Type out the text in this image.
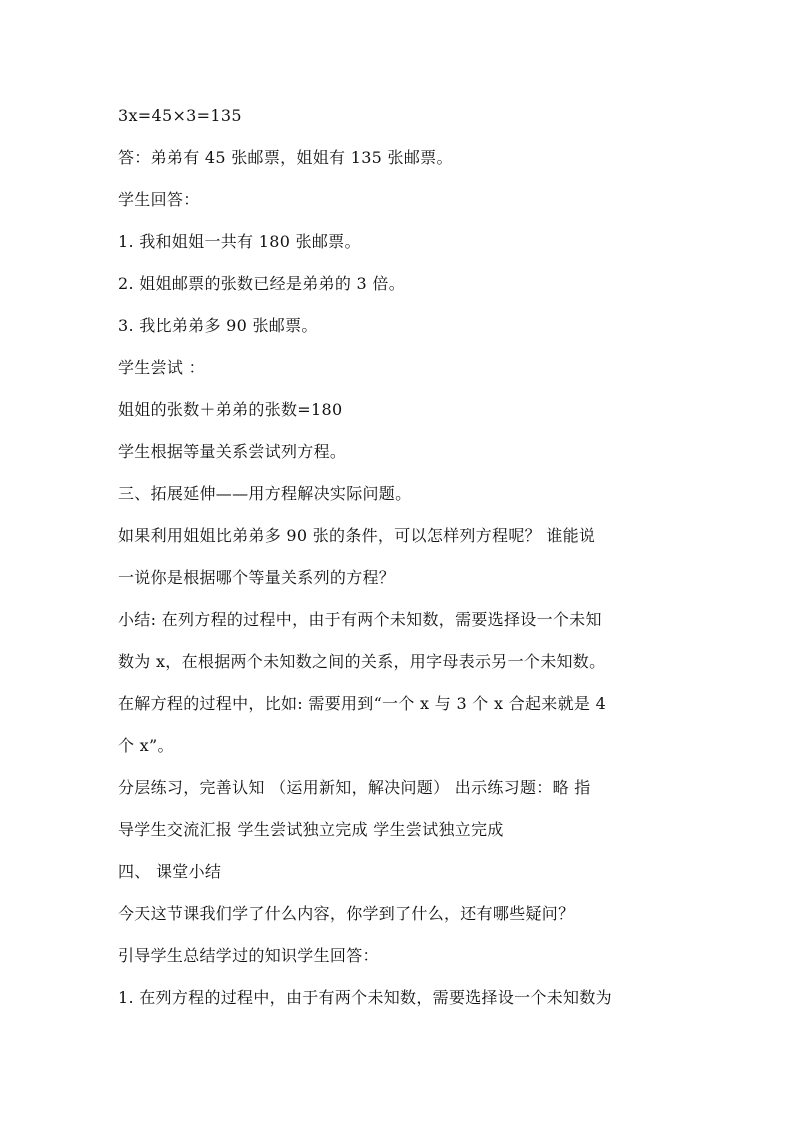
3x=45×3=135
答：弟弟有 45 张邮票，姐姐有 135 张邮票。
学生回答：
1. 我和姐姐一共有 180 张邮票。
2. 姐姐邮票的张数已经是弟弟的 3 倍。
3. 我比弟弟多 90 张邮票。
学生尝试 ：
姐姐的张数＋弟弟的张数=180
学生根据等量关系尝试列方程。
三、拓展延伸——用方程解决实际问题。
如果利用姐姐比弟弟多 90 张的条件，可以怎样列方程呢？ 谁能说
一说你是根据哪个等量关系列的方程？
小结: 在列方程的过程中，由于有两个未知数，需要选择设一个未知
数为 x，在根据两个未知数之间的关系，用字母表示另一个未知数。
在解方程的过程中，比如: 需要用到“一个 x 与 3 个 x 合起来就是 4
个 x”。
分层练习，完善认知 （运用新知，解决问题） 出示练习题：略 指
导学生交流汇报 学生尝试独立完成 学生尝试独立完成
四、 课堂小结
今天这节课我们学了什么内容，你学到了什么，还有哪些疑问？
引导学生总结学过的知识学生回答：
1. 在列方程的过程中，由于有两个未知数，需要选择设一个未知数为
